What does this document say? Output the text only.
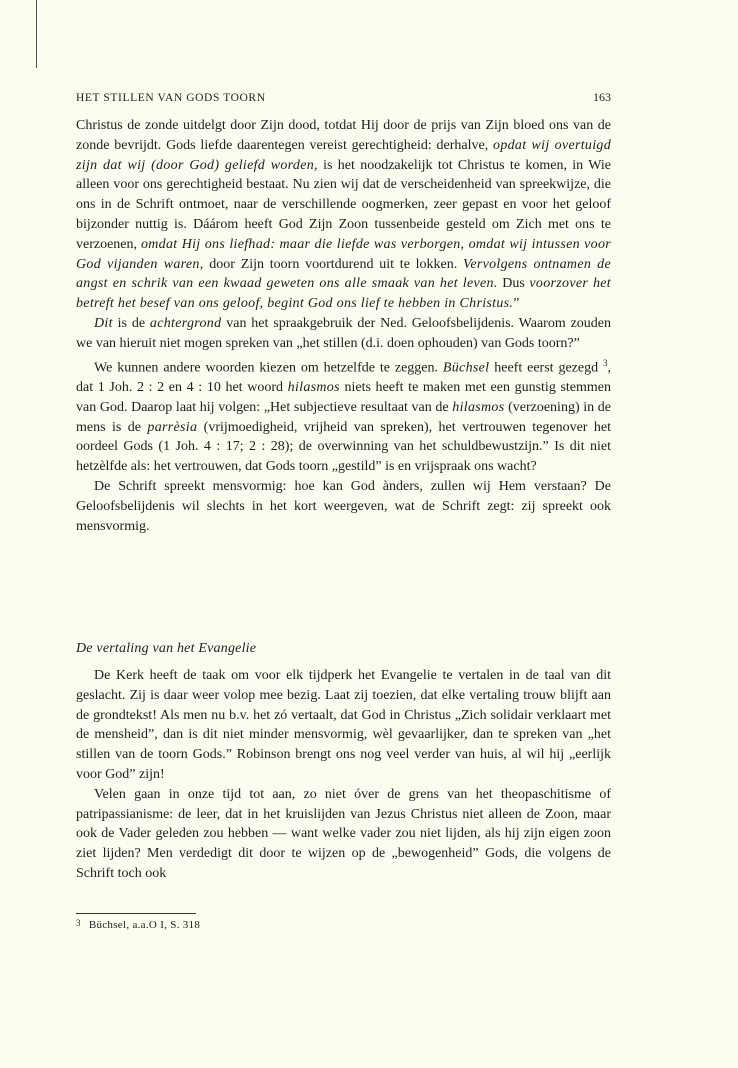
HET STILLEN VAN GODS TOORN	163

Christus de zonde uitdelgt door Zijn dood, totdat Hij door de prijs van Zijn bloed ons van de zonde bevrijdt. Gods liefde daarentegen vereist gerechtigheid: derhalve, opdat wij overtuigd zijn dat wij (door God) geliefd worden, is het noodzakelijk tot Christus te komen, in Wie alleen voor ons gerechtigheid bestaat. Nu zien wij dat de verscheidenheid van spreekwijze, die ons in de Schrift ontmoet, naar de verschillende oogmerken, zeer gepast en voor het geloof bijzonder nuttig is. Dáárom heeft God Zijn Zoon tussenbeide gesteld om Zich met ons te verzoenen, omdat Hij ons liefhad: maar die liefde was verborgen, omdat wij intussen voor God vijanden waren, door Zijn toorn voortdurend uit te lokken. Vervolgens ontnamen de angst en schrik van een kwaad geweten ons alle smaak van het leven. Dus voorzover het betreft het besef van ons geloof, begint God ons lief te hebben in Christus.”

Dit is de achtergrond van het spraakgebruik der Ned. Geloofsbelijdenis. Waarom zouden we van hieruit niet mogen spreken van „het stillen (d.i. doen ophouden) van Gods toorn?”

We kunnen andere woorden kiezen om hetzelfde te zeggen. Büchsel heeft eerst gezegd $^3$, dat 1 Joh. 2 : 2 en 4 : 10 het woord hilasmos niets heeft te maken met een gunstig stemmen van God. Daarop laat hij volgen: „Het subjectieve resultaat van de hilasmos (verzoening) in de mens is de parrèsia (vrijmoedigheid, vrijheid van spreken), het vertrouwen tegenover het oordeel Gods (1 Joh. 4 : 17; 2 : 28); de overwinning van het schuldbewustzijn.” Is dit niet hetzèlfde als: het vertrouwen, dat Gods toorn „gestild” is en vrijspraak ons wacht?

De Schrift spreekt mensvormig: hoe kan God ànders, zullen wij Hem verstaan? De Geloofsbelijdenis wil slechts in het kort weergeven, wat de Schrift zegt: zij spreekt ook mensvormig.

De vertaling van het Evangelie

De Kerk heeft de taak om voor elk tijdperk het Evangelie te vertalen in de taal van dit geslacht. Zij is daar weer volop mee bezig. Laat zij toezien, dat elke vertaling trouw blijft aan de grondtekst! Als men nu b.v. het zó vertaalt, dat God in Christus „Zich solidair verklaart met de mensheid”, dan is dit niet minder mensvormig, wèl gevaarlijker, dan te spreken van „het stillen van de toorn Gods.” Robinson brengt ons nog veel verder van huis, al wil hij „eerlijk voor God” zijn!

Velen gaan in onze tijd tot aan, zo niet óver de grens van het theopaschitisme of patripassianisme: de leer, dat in het kruislijden van Jezus Christus niet alleen de Zoon, maar ook de Vader geleden zou hebben — want welke vader zou niet lijden, als hij zijn eigen zoon ziet lijden? Men verdedigt dit door te wijzen op de „bewogenheid” Gods, die volgens de Schrift toch ook

3 Büchsel, a.a.O I, S. 318
